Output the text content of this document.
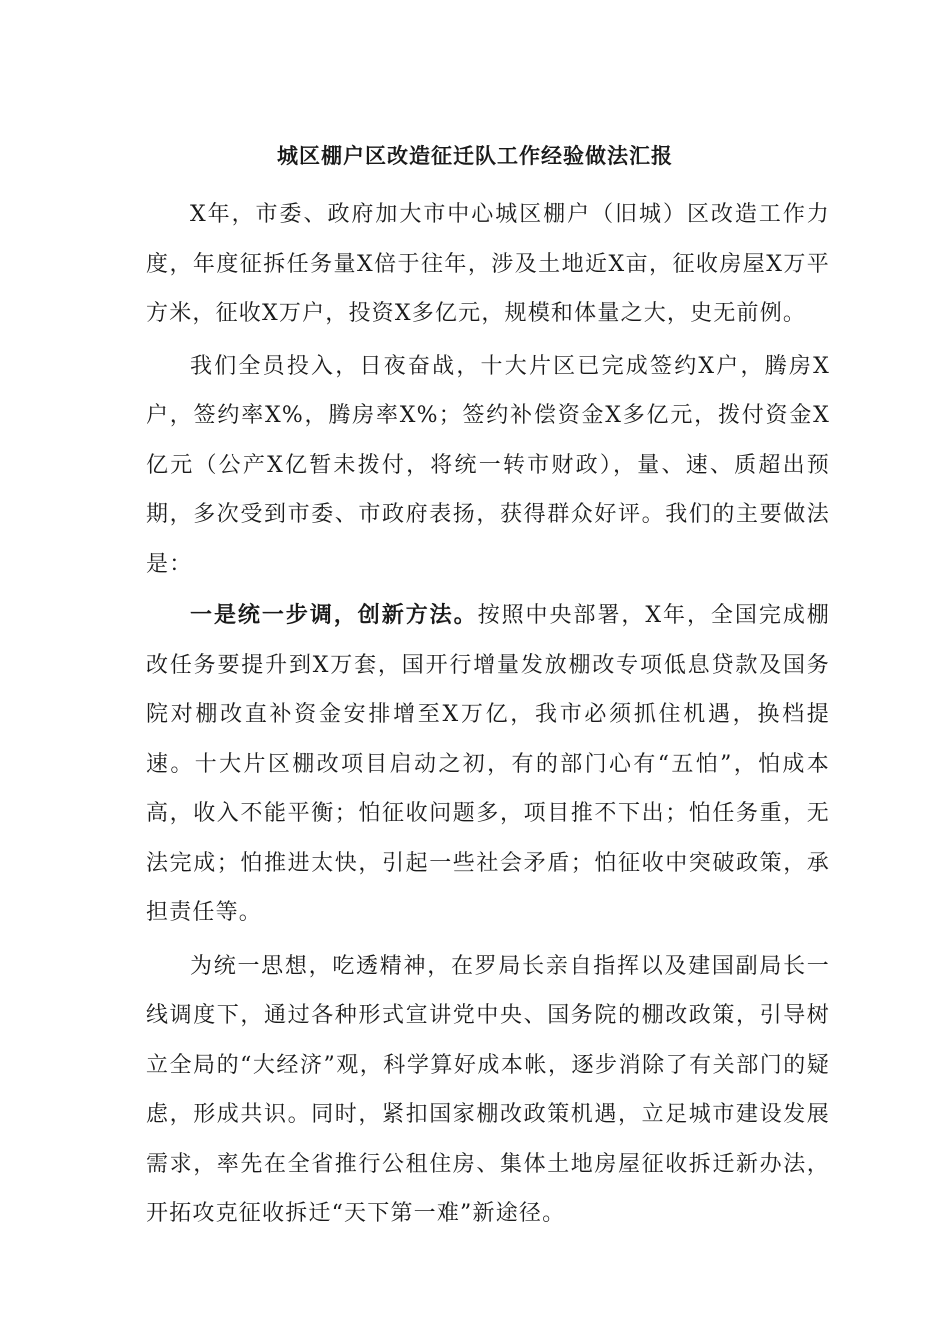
城区棚户区改造征迁队工作经验做法汇报

X年，市委、政府加大市中心城区棚户（旧城）区改造工作力度，年度征拆任务量X倍于往年，涉及土地近X亩，征收房屋X万平方米，征收X万户，投资X多亿元，规模和体量之大，史无前例。

我们全员投入，日夜奋战，十大片区已完成签约X户，腾房X户，签约率X%，腾房率X%；签约补偿资金X多亿元，拨付资金X亿元（公产X亿暂未拨付，将统一转市财政），量、速、质超出预期，多次受到市委、市政府表扬，获得群众好评。我们的主要做法是：

一是统一步调，创新方法。按照中央部署，X年，全国完成棚改任务要提升到X万套，国开行增量发放棚改专项低息贷款及国务院对棚改直补资金安排增至X万亿，我市必须抓住机遇，换档提速。十大片区棚改项目启动之初，有的部门心有“五怕”，怕成本高，收入不能平衡；怕征收问题多，项目推不下出；怕任务重，无法完成；怕推进太快，引起一些社会矛盾；怕征收中突破政策，承担责任等。

为统一思想，吃透精神，在罗局长亲自指挥以及建国副局长一线调度下，通过各种形式宣讲党中央、国务院的棚改政策，引导树立全局的“大经济”观，科学算好成本帐，逐步消除了有关部门的疑虑，形成共识。同时，紧扣国家棚改政策机遇，立足城市建设发展需求，率先在全省推行公租住房、集体土地房屋征收拆迁新办法，开拓攻克征收拆迁“天下第一难”新途径。
